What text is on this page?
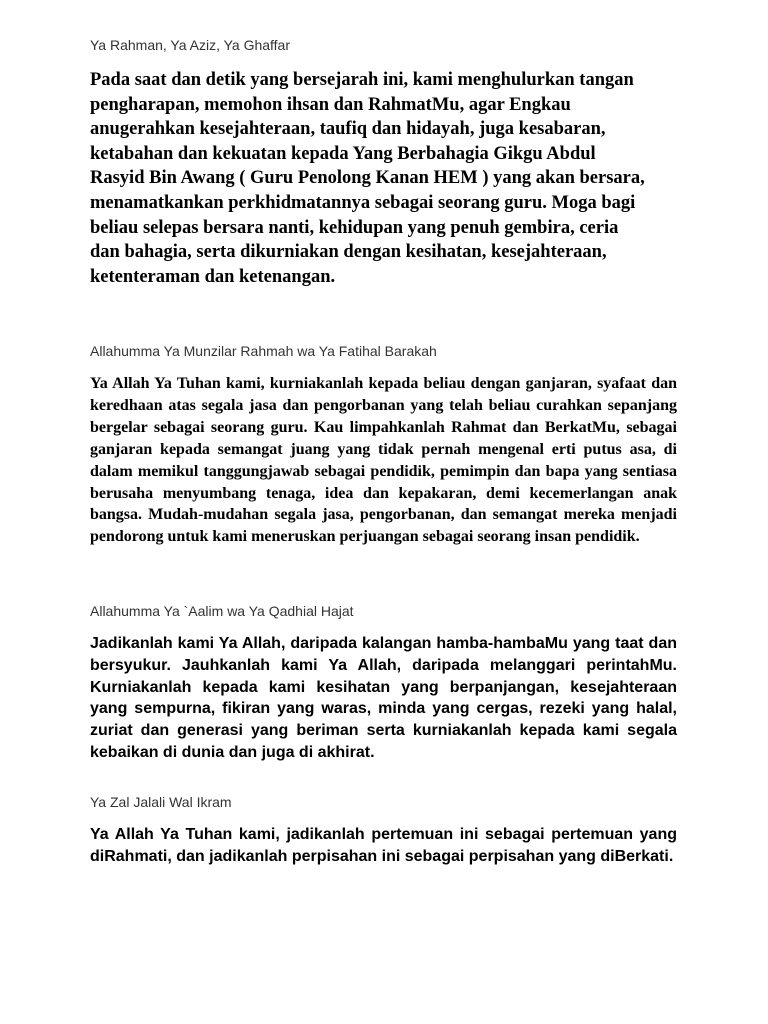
Ya Rahman, Ya Aziz, Ya Ghaffar

Pada saat dan detik yang bersejarah ini, kami menghulurkan tangan pengharapan, memohon ihsan dan RahmatMu, agar Engkau anugerahkan kesejahteraan, taufiq dan hidayah, juga kesabaran, ketabahan dan kekuatan kepada Yang Berbahagia Gikgu Abdul Rasyid Bin Awang ( Guru Penolong Kanan HEM ) yang akan bersara, menamatkankan perkhidmatannya sebagai seorang guru. Moga bagi beliau selepas bersara nanti, kehidupan yang penuh gembira, ceria dan bahagia, serta dikurniakan dengan kesihatan, kesejahteraan, ketenteraman dan ketenangan.

Allahumma Ya Munzilar Rahmah wa Ya Fatihal Barakah

Ya Allah Ya Tuhan kami, kurniakanlah kepada beliau dengan ganjaran, syafaat dan keredhaan atas segala jasa dan pengorbanan yang telah beliau curahkan sepanjang bergelar sebagai seorang guru. Kau limpahkanlah Rahmat dan BerkatMu, sebagai ganjaran kepada semangat juang yang tidak pernah mengenal erti putus asa, di dalam memikul tanggungjawab sebagai pendidik, pemimpin dan bapa yang sentiasa berusaha menyumbang tenaga, idea dan kepakaran, demi kecemerlangan anak bangsa. Mudah-mudahan segala jasa, pengorbanan, dan semangat mereka menjadi pendorong untuk kami meneruskan perjuangan sebagai seorang insan pendidik.

Allahumma Ya `Aalim wa Ya Qadhial Hajat

Jadikanlah kami Ya Allah, daripada kalangan hamba-hambaMu yang taat dan bersyukur. Jauhkanlah kami Ya Allah, daripada melanggari perintahMu. Kurniakanlah kepada kami kesihatan yang berpanjangan, kesejahteraan yang sempurna, fikiran yang waras, minda yang cergas, rezeki yang halal, zuriat dan generasi yang beriman serta kurniakanlah kepada kami segala kebaikan di dunia dan juga di akhirat.

Ya Zal Jalali Wal Ikram

Ya Allah Ya Tuhan kami, jadikanlah pertemuan ini sebagai pertemuan yang diRahmati, dan jadikanlah perpisahan ini sebagai perpisahan yang diBerkati.
